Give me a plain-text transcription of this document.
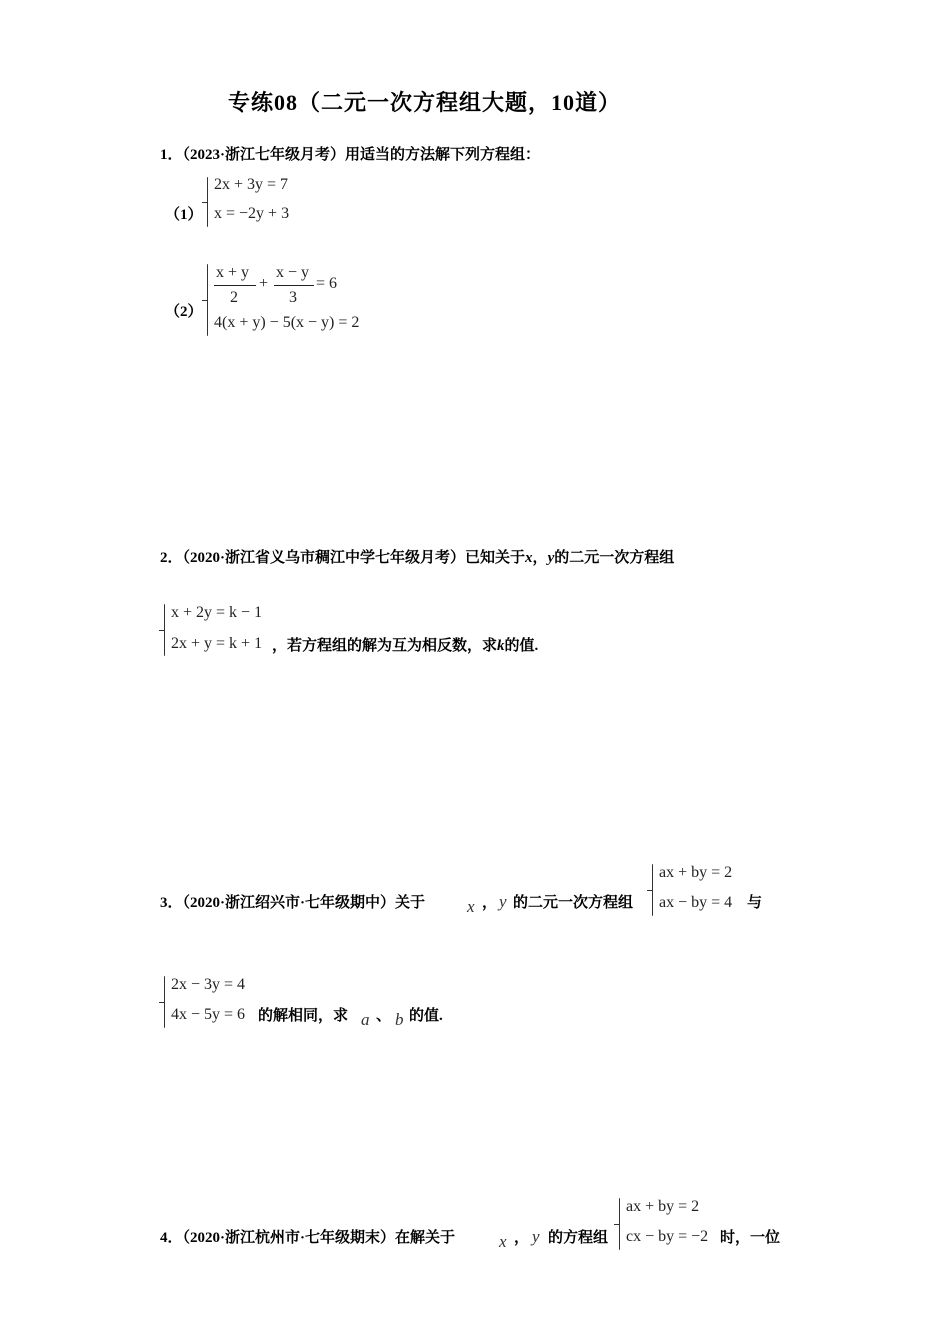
专练08（二元一次方程组大题，10道）
1．（2023·浙江七年级月考）用适当的方法解下列方程组：
（1）
2x + 3y = 7
x = −2y + 3
（2）
x + y
2
+
x − y
3
= 6
4(x + y) − 5(x − y) = 2
2．（2020·浙江省义乌市稠江中学七年级月考）已知关于x，y的二元一次方程组
x + 2y = k − 1
2x + y = k + 1 ，若方程组的解为互为相反数，求k的值.
3．（2020·浙江绍兴市·七年级期中）关于 x ， y 的二元一次方程组
ax + by = 2
ax − by = 4 与
2x − 3y = 4
4x − 5y = 6 的解相同，求 a 、 b 的值.
4．（2020·浙江杭州市·七年级期末）在解关于	x ， y 的方程组
ax + by = 2
cx − by = −2 时，一位
